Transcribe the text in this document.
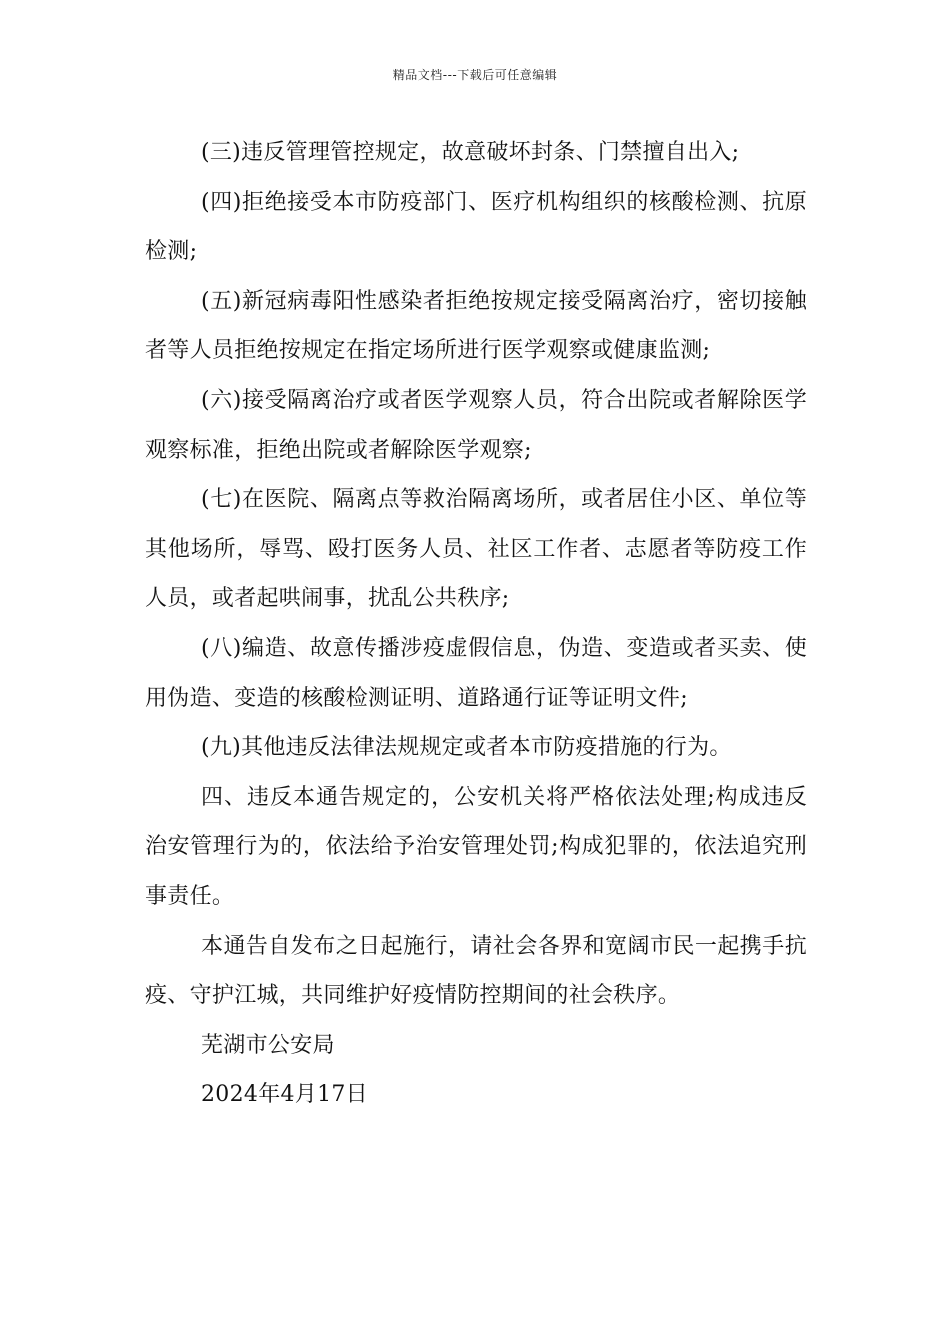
精品文档---下载后可任意编辑

(三)违反管理管控规定，故意破坏封条、门禁擅自出入;

(四)拒绝接受本市防疫部门、医疗机构组织的核酸检测、抗原检测;

(五)新冠病毒阳性感染者拒绝按规定接受隔离治疗，密切接触者等人员拒绝按规定在指定场所进行医学观察或健康监测;

(六)接受隔离治疗或者医学观察人员，符合出院或者解除医学观察标准，拒绝出院或者解除医学观察;

(七)在医院、隔离点等救治隔离场所，或者居住小区、单位等其他场所，辱骂、殴打医务人员、社区工作者、志愿者等防疫工作人员，或者起哄闹事，扰乱公共秩序;

(八)编造、故意传播涉疫虚假信息，伪造、变造或者买卖、使用伪造、变造的核酸检测证明、道路通行证等证明文件;

(九)其他违反法律法规规定或者本市防疫措施的行为。

四、违反本通告规定的，公安机关将严格依法处理;构成违反治安管理行为的，依法给予治安管理处罚;构成犯罪的，依法追究刑事责任。

本通告自发布之日起施行，请社会各界和宽阔市民一起携手抗疫、守护江城，共同维护好疫情防控期间的社会秩序。

芜湖市公安局

2024年4月17日
